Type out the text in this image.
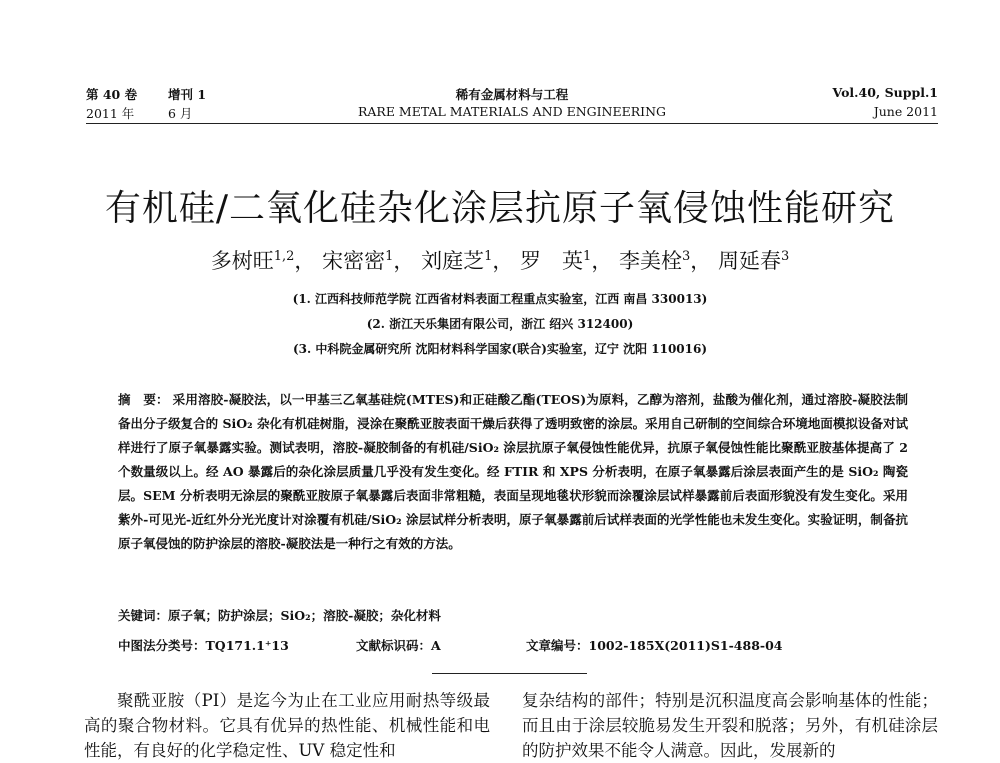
第 40 卷 增刊 1
2011 年	6 月
稀有金属材料与工程
RARE METAL MATERIALS AND ENGINEERING
Vol.40, Suppl.1
June 2011
有机硅/二氧化硅杂化涂层抗原子氧侵蚀性能研究
多树旺$^{1,2}$， 宋密密$^1$， 刘庭芝$^1$， 罗　英$^1$， 李美栓$^3$， 周延春$^3$
(1. 江西科技师范学院 江西省材料表面工程重点实验室，江西 南昌 330013)
(2. 浙江天乐集团有限公司，浙江 绍兴 312400)
(3. 中科院金属研究所 沈阳材料科学国家(联合)实验室，辽宁 沈阳 110016)
摘　要： 采用溶胶-凝胶法，以一甲基三乙氧基硅烷(MTES)和正硅酸乙酯(TEOS)为原料，乙醇为溶剂，盐酸为催化剂，通过溶胶-凝胶法制备出分子级复合的 SiO₂ 杂化有机硅树脂，浸涂在聚酰亚胺表面干燥后获得了透明致密的涂层。采用自己研制的空间综合环境地面模拟设备对试样进行了原子氧暴露实验。测试表明，溶胶-凝胶制备的有机硅/SiO₂ 涂层抗原子氧侵蚀性能优异，抗原子氧侵蚀性能比聚酰亚胺基体提高了 2 个数量级以上。经 AO 暴露后的杂化涂层质量几乎没有发生变化。经 FTIR 和 XPS 分析表明，在原子氧暴露后涂层表面产生的是 SiO₂ 陶瓷层。SEM 分析表明无涂层的聚酰亚胺原子氧暴露后表面非常粗糙，表面呈现地毯状形貌而涂覆涂层试样暴露前后表面形貌没有发生变化。采用紫外-可见光-近红外分光光度计对涂覆有机硅/SiO₂ 涂层试样分析表明，原子氧暴露前后试样表面的光学性能也未发生变化。实验证明，制备抗原子氧侵蚀的防护涂层的溶胶-凝胶法是一种行之有效的方法。
关键词：原子氧；防护涂层；SiO₂；溶胶-凝胶；杂化材料
中图法分类号：TQ171.1⁺13	文献标识码：A	文章编号：1002-185X(2011)S1-488-04

聚酰亚胺（PI）是迄今为止在工业应用耐热等级最高的聚合物材料。它具有优异的热性能、机械性能和电性能，有良好的化学稳定性、UV 稳定性和

复杂结构的部件；特别是沉积温度高会影响基体的性能；而且由于涂层较脆易发生开裂和脱落；另外，有机硅涂层的防护效果不能令人满意。因此，发展新的
